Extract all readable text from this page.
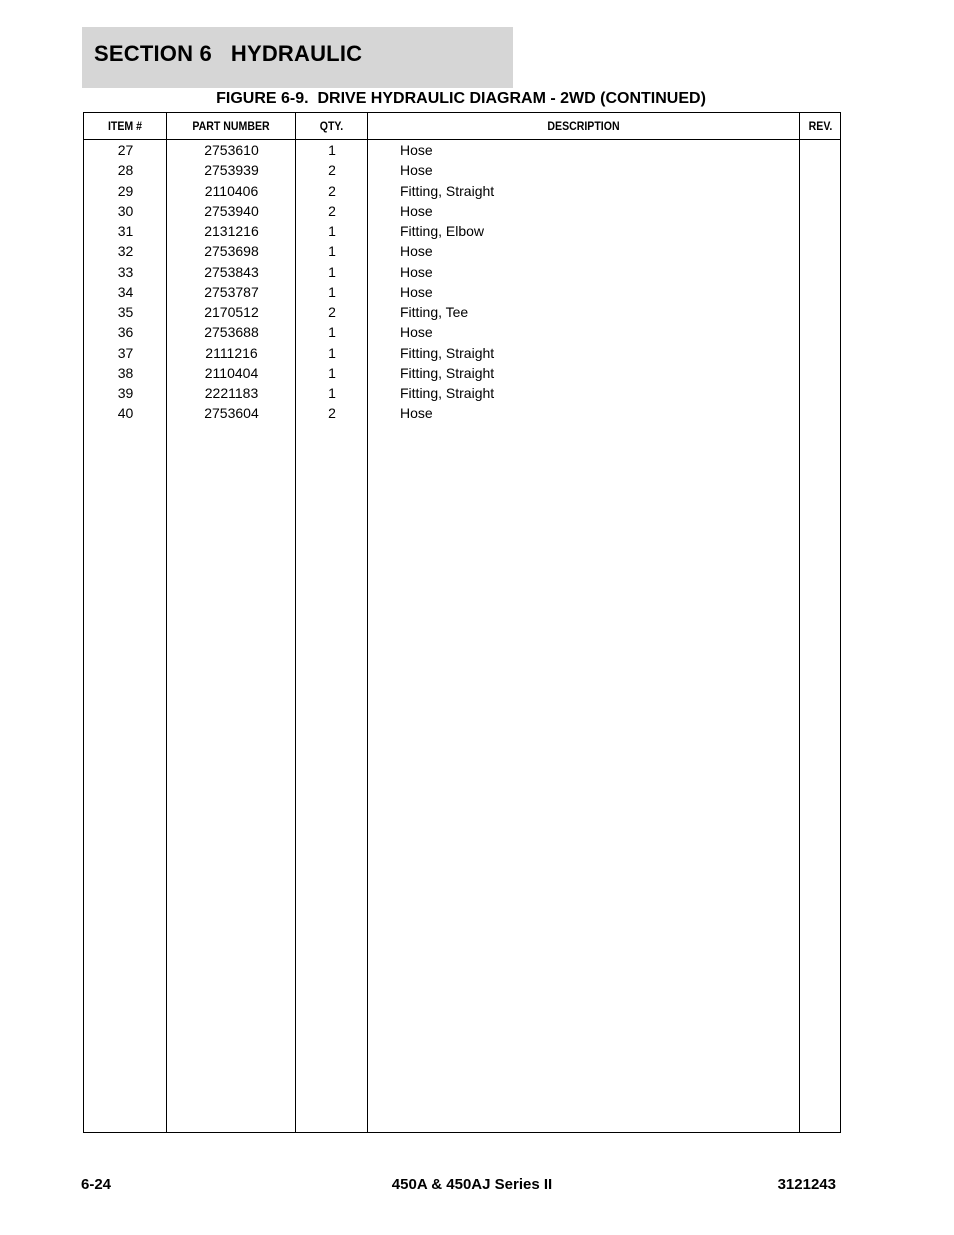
SECTION 6   HYDRAULIC
FIGURE 6-9.  DRIVE HYDRAULIC DIAGRAM - 2WD (CONTINUED)
ITEM #	PART NUMBER	QTY.	DESCRIPTION	REV.
27	2753610	1	Hose
28	2753939	2	Hose
29	2110406	2	Fitting, Straight
30	2753940	2	Hose
31	2131216	1	Fitting, Elbow
32	2753698	1	Hose
33	2753843	1	Hose
34	2753787	1	Hose
35	2170512	2	Fitting, Tee
36	2753688	1	Hose
37	2111216	1	Fitting, Straight
38	2110404	1	Fitting, Straight
39	2221183	1	Fitting, Straight
40	2753604	2	Hose
6-24	450A & 450AJ Series II	3121243
